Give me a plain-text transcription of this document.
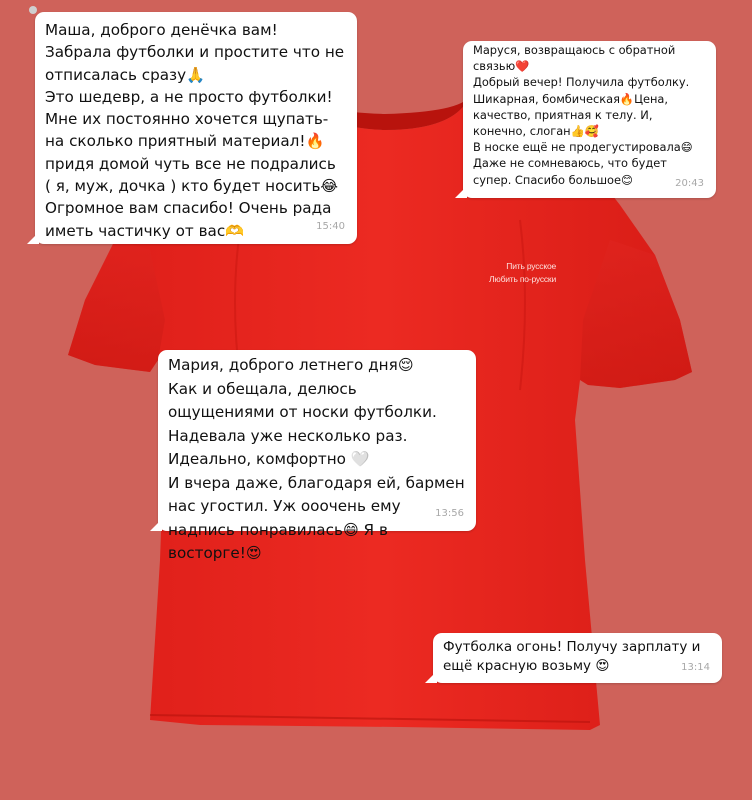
Пить русское
Любить по-русски

Маша, доброго денёчка вам! Забрала футболки и простите что не отписалась сразу🙏
Это шедевр, а не просто футболки! Мне их постоянно хочется щупать-на сколько приятный материал!🔥 придя домой чуть все не подрались ( я, муж, дочка ) кто будет носить😂
Огромное вам спасибо! Очень рада иметь частичку от вас🫶	15:40

Маруся, возвращаюсь с обратной связью❤️
Добрый вечер! Получила футболку. Шикарная, бомбическая🔥Цена, качество, приятная к телу. И, конечно, слоган👍🥰
В носке ещё не продегустировала😄
Даже не сомневаюсь, что будет супер. Спасибо большое😊	20:43

Мария, доброго летнего дня😌
Как и обещала, делюсь ощущениями от носки футболки. Надевала уже несколько раз. Идеально, комфортно 🤍
И вчера даже, благодаря ей, бармен нас угостил. Уж ооочень ему надпись понравилась😄 Я в восторге!😍

13:56

Футболка огонь! Получу зарплату и ещё красную возьму 😍	13:14
